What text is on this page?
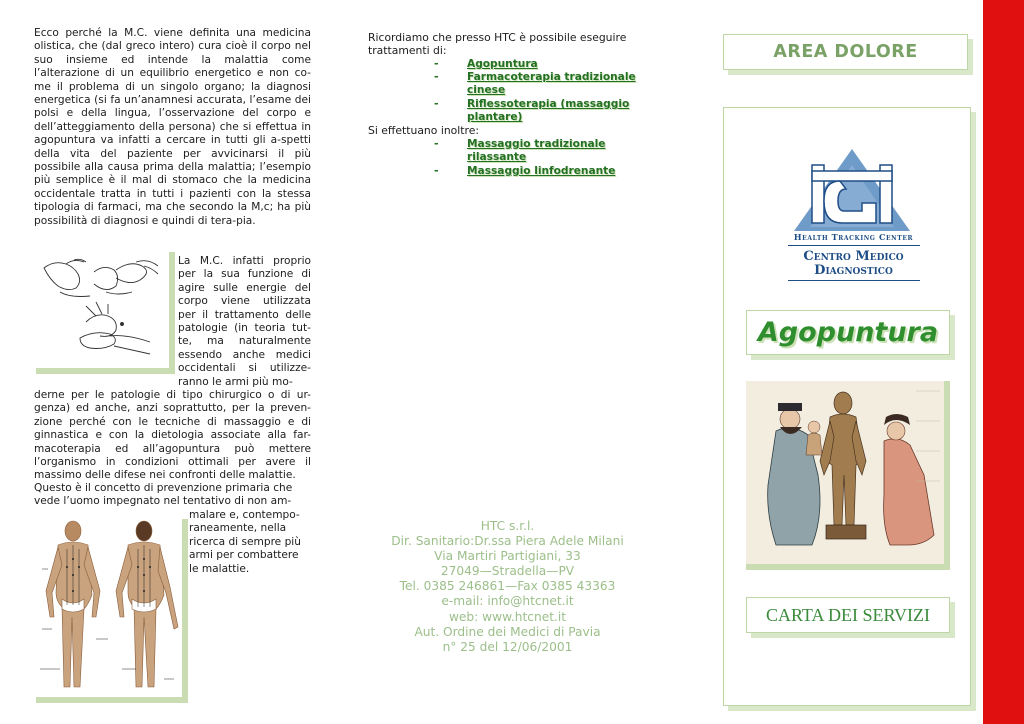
Ecco perché la M.C. viene definita una medicina olistica, che (dal greco intero) cura cioè il corpo nel suo insieme ed intende la malattia come l’alterazione di un equilibrio energetico e non co-me il problema di un singolo organo; la diagnosi energetica (si fa un’anamnesi accurata, l’esame dei polsi e della lingua, l’osservazione del corpo e dell’atteggiamento della persona) che si effettua in agopuntura va infatti a cercare in tutti gli a-spetti della vita del paziente per avvicinarsi il più possibile alla causa prima della malattia; l’esempio più semplice è il mal di stomaco che la medicina occidentale tratta in tutti i pazienti con la stessa tipologia di farmaci, ma che secondo la M,c; ha più possibilità di diagnosi e quindi di tera-pia.

La M.C. infatti proprio per la sua funzione di agire sulle energie del corpo viene utilizzata per il trattamento delle patologie (in teoria tut-te, ma naturalmente essendo anche medici occidentali si utilizze-ranno le armi più mo-

derne per le patologie di tipo chirurgico o di ur-genza) ed anche, anzi soprattutto, per la preven-zione perché con le tecniche di massaggio e di ginnastica e con la dietologia associate alla far-macoterapia ed all’agopuntura può mettere l’organismo in condizioni ottimali per avere il massimo delle difese nei confronti delle malattie.

Questo è il concetto di prevenzione primaria che vede l’uomo impegnato nel tentativo di non am-

malare e, contempo-raneamente, nella ricerca di sempre più armi per combattere le malattie.

Ricordiamo che presso HTC è possibile eseguire trattamenti di:
-	Agopuntura
-	Farmacoterapia tradizionale
cinese
-	Riflessoterapia (massaggio
plantare)
Si effettuano inoltre:
-	Massaggio tradizionale
rilassante
-	Massaggio linfodrenante
HTC s.r.l.
Dir. Sanitario:Dr.ssa Piera Adele Milani
Via Martiri Partigiani, 33
27049—Stradella—PV
Tel. 0385 246861—Fax 0385 43363
e-mail: info@htcnet.it
web: www.htcnet.it
Aut. Ordine dei Medici di Pavia
n° 25 del 12/06/2001
AREA DOLORE
Health Tracking Center
Centro Medico
Diagnostico
Agopuntura
CARTA DEI SERVIZI
